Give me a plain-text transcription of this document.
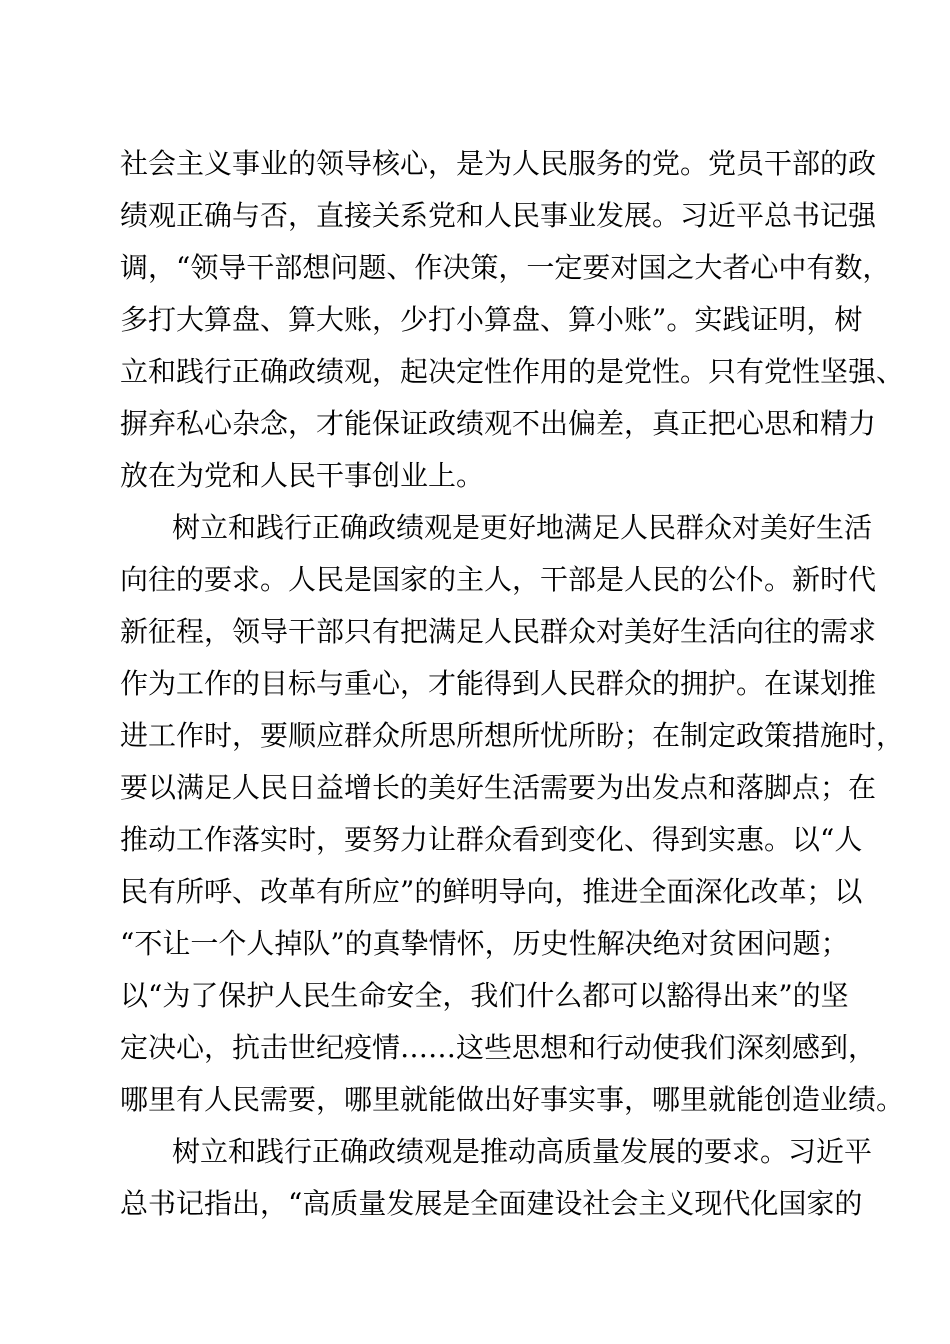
社会主义事业的领导核心，是为人民服务的党。党员干部的政

绩观正确与否，直接关系党和人民事业发展。习近平总书记强

调，“领导干部想问题、作决策，一定要对国之大者心中有数，

多打大算盘、算大账，少打小算盘、算小账”。实践证明，树

立和践行正确政绩观，起决定性作用的是党性。只有党性坚强、

摒弃私心杂念，才能保证政绩观不出偏差，真正把心思和精力

放在为党和人民干事创业上。

树立和践行正确政绩观是更好地满足人民群众对美好生活

向往的要求。人民是国家的主人，干部是人民的公仆。新时代

新征程，领导干部只有把满足人民群众对美好生活向往的需求

作为工作的目标与重心，才能得到人民群众的拥护。在谋划推

进工作时，要顺应群众所思所想所忧所盼；在制定政策措施时，

要以满足人民日益增长的美好生活需要为出发点和落脚点；在

推动工作落实时，要努力让群众看到变化、得到实惠。以“人

民有所呼、改革有所应”的鲜明导向，推进全面深化改革；以

“不让一个人掉队”的真挚情怀，历史性解决绝对贫困问题；

以“为了保护人民生命安全，我们什么都可以豁得出来”的坚

定决心，抗击世纪疫情……这些思想和行动使我们深刻感到，

哪里有人民需要，哪里就能做出好事实事，哪里就能创造业绩。

树立和践行正确政绩观是推动高质量发展的要求。习近平

总书记指出，“高质量发展是全面建设社会主义现代化国家的
